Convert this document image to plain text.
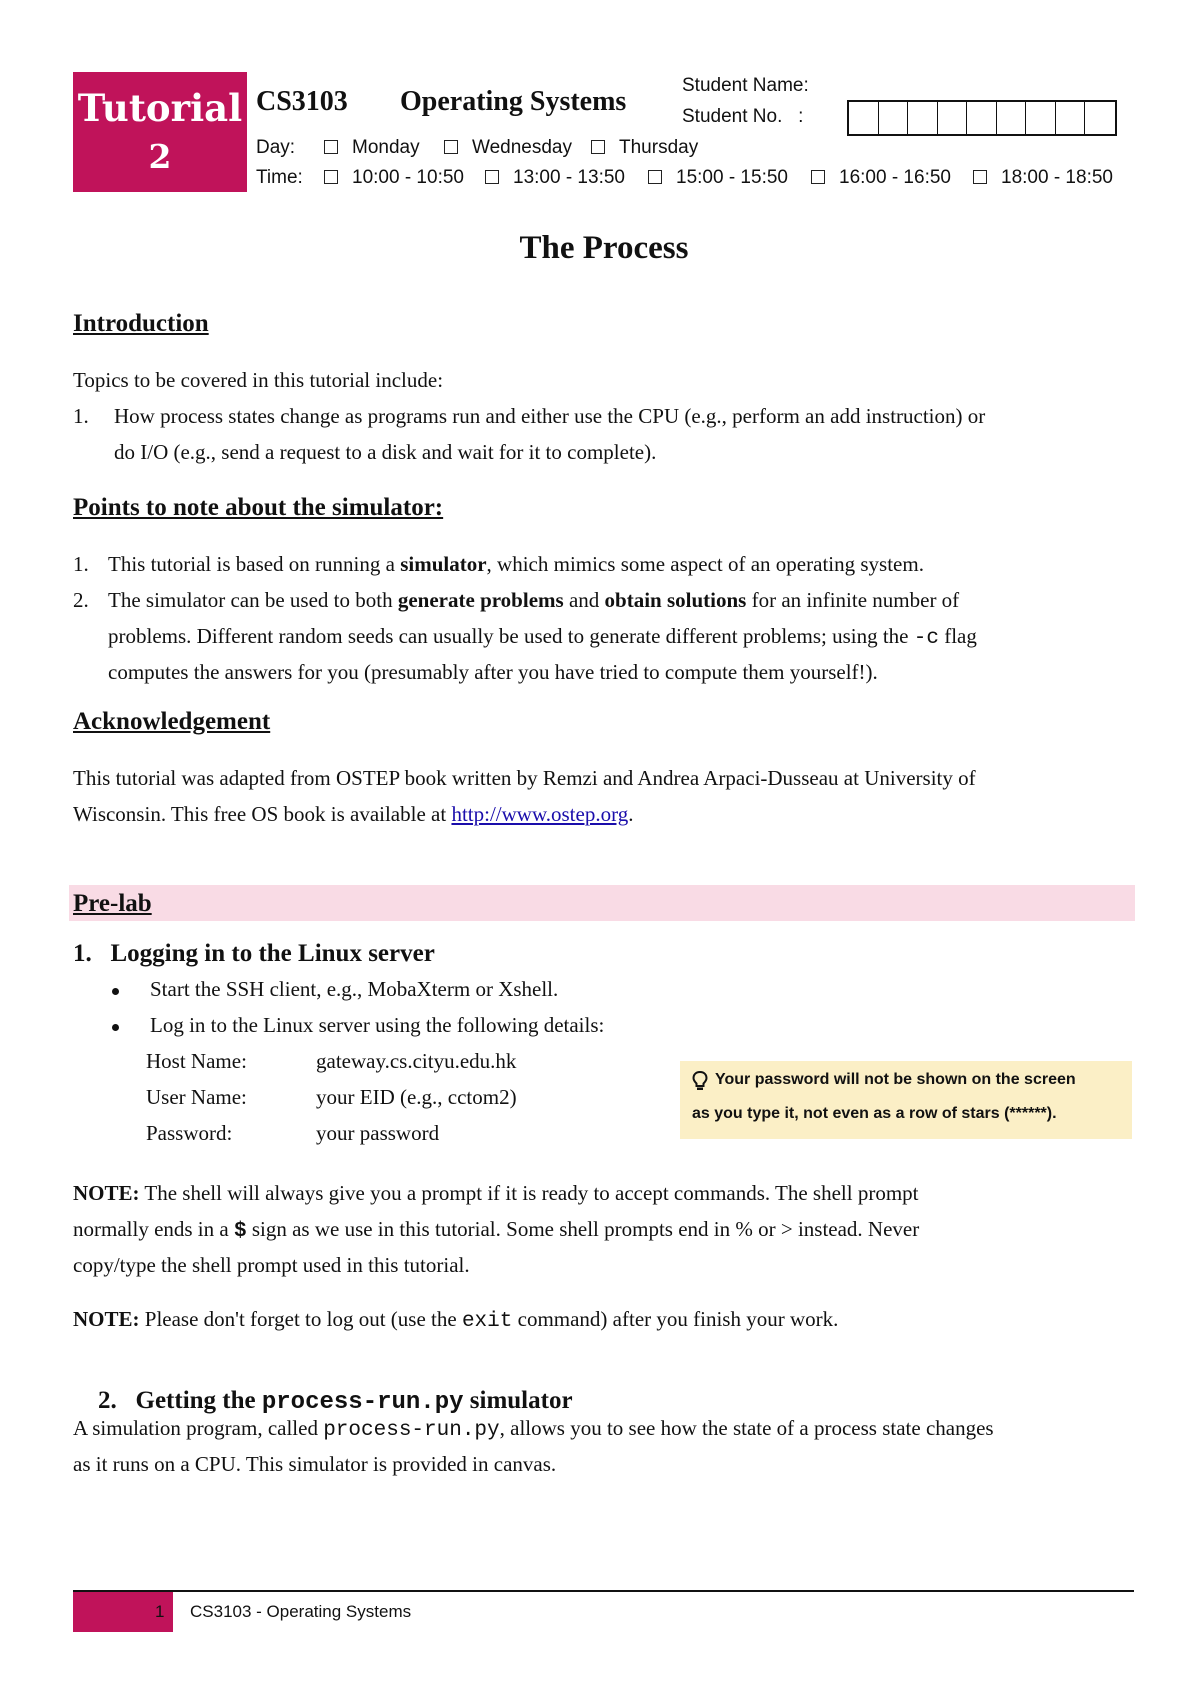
Tutorial
2
CS3103 Operating Systems
Student Name:
Student No.   :
Day:	Monday	Wednesday	Thursday
Time:	10:00 - 10:50	13:00 - 13:50	15:00 - 15:50	16:00 - 16:50	18:00 - 18:50
The Process
Introduction
Topics to be covered in this tutorial include:
1. How process states change as programs run and either use the CPU (e.g., perform an add instruction) or
do I/O (e.g., send a request to a disk and wait for it to complete).
Points to note about the simulator:
1. This tutorial is based on running a simulator, which mimics some aspect of an operating system.
2. The simulator can be used to both generate problems and obtain solutions for an infinite number of
problems. Different random seeds can usually be used to generate different problems; using the -c flag
computes the answers for you (presumably after you have tried to compute them yourself!).
Acknowledgement
This tutorial was adapted from OSTEP book written by Remzi and Andrea Arpaci-Dusseau at University of
Wisconsin. This free OS book is available at http://www.ostep.org.
Pre-lab
1.   Logging in to the Linux server
Start the SSH client, e.g., MobaXterm or Xshell.
Log in to the Linux server using the following details:
Host Name:	gateway.cs.cityu.edu.hk
User Name:	your EID (e.g., cctom2)
Password:	your password
Your password will not be shown on the screen
as you type it, not even as a row of stars (******).
NOTE: The shell will always give you a prompt if it is ready to accept commands. The shell prompt
normally ends in a $ sign as we use in this tutorial. Some shell prompts end in % or > instead. Never
copy/type the shell prompt used in this tutorial.
NOTE: Please don't forget to log out (use the exit command) after you finish your work.

2.   Getting the process-run.py simulator

A simulation program, called process-run.py, allows you to see how the state of a process state changes
as it runs on a CPU. This simulator is provided in canvas.
1 CS3103 - Operating Systems
